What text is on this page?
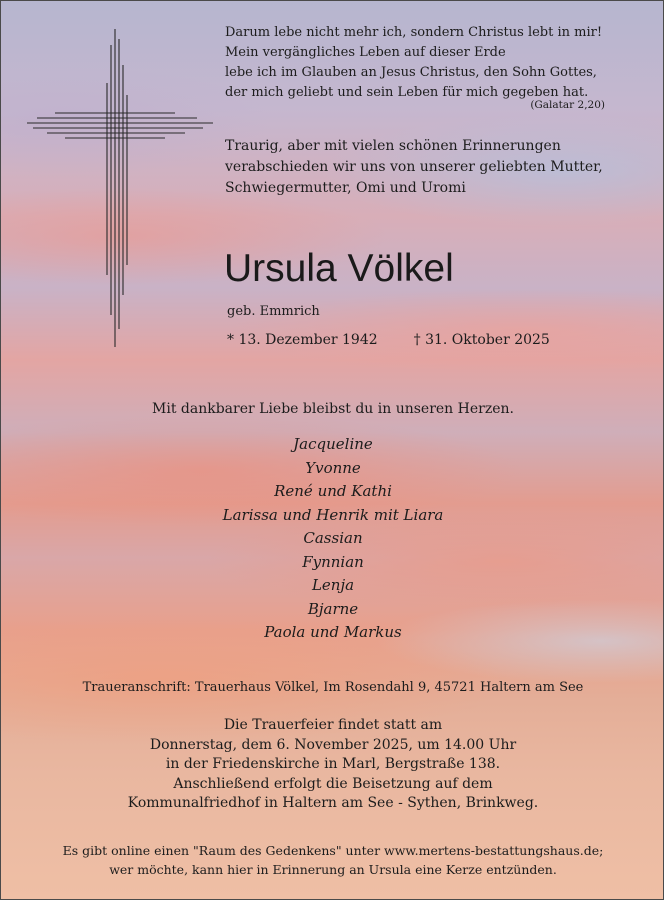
Darum lebe nicht mehr ich, sondern Christus lebt in mir!

Mein vergängliches Leben auf dieser Erde

lebe ich im Glauben an Jesus Christus, den Sohn Gottes,

der mich geliebt und sein Leben für mich gegeben hat.

(Galatar 2,20)

Traurig, aber mit vielen schönen Erinnerungen

verabschieden wir uns von unserer geliebten Mutter,

Schwiegermutter, Omi und Uromi

Ursula Völkel
geb. Emmrich
* 13. Dezember 1942	† 31. Oktober 2025
Mit dankbarer Liebe bleibst du in unseren Herzen.
Jacqueline
Yvonne
René und Kathi
Larissa und Henrik mit Liara
Cassian
Fynnian
Lenja
Bjarne
Paola und Markus
Traueranschrift: Trauerhaus Völkel, Im Rosendahl 9, 45721 Haltern am See
Die Trauerfeier findet statt am
Donnerstag, dem 6. November 2025, um 14.00 Uhr
in der Friedenskirche in Marl, Bergstraße 138.
Anschließend erfolgt die Beisetzung auf dem
Kommunalfriedhof in Haltern am See - Sythen, Brinkweg.
Es gibt online einen "Raum des Gedenkens" unter www.mertens-bestattungshaus.de;
wer möchte, kann hier in Erinnerung an Ursula eine Kerze entzünden.
